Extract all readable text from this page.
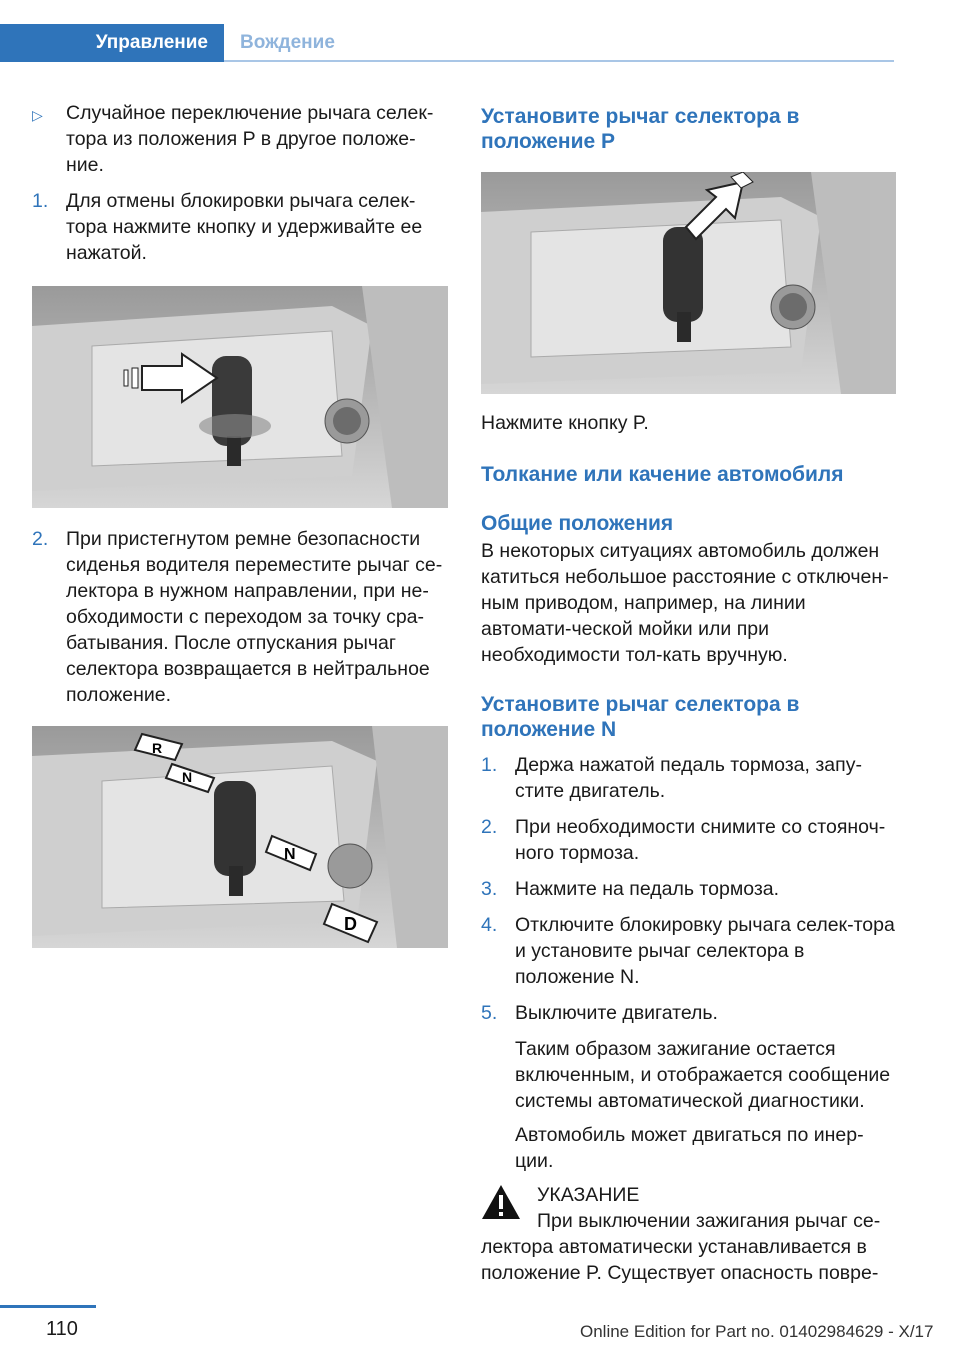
Управление	Вождение
▷ Случайное переключение рычага селек-тора из положения P в другое положе-ние.
1. Для отмены блокировки рычага селек-тора нажмите кнопку и удерживайте ее нажатой.
2. При пристегнутом ремне безопасности сиденья водителя переместите рычаг се-лектора в нужном направлении, при не-обходимости с переходом за точку сра-батывания. После отпускания рычаг селектора возвращается в нейтральное положение.
R
N
N
D
Установите рычаг селектора в положение P
Нажмите кнопку P.
Толкание или качение автомобиля
Общие положения
В некоторых ситуациях автомобиль должен катиться небольшое расстояние с отключен-ным приводом, например, на линии автомати-ческой мойки или при необходимости тол-кать вручную.
Установите рычаг селектора в положение N
1. Держа нажатой педаль тормоза, запу-стите двигатель.
2. При необходимости снимите со стояноч-ного тормоза.
3. Нажмите на педаль тормоза.
4. Отключите блокировку рычага селек-тора и установите рычаг селектора в положение N.
5. Выключите двигатель.
Таким образом зажигание остается включенным, и отображается сообщение системы автоматической диагностики.
Автомобиль может двигаться по инер-ции.
УКАЗАНИЕ
При выключении зажигания рычаг се-лектора автоматически устанавливается в положение P. Существует опасность повре-
110	Online Edition for Part no. 01402984629 - X/17
